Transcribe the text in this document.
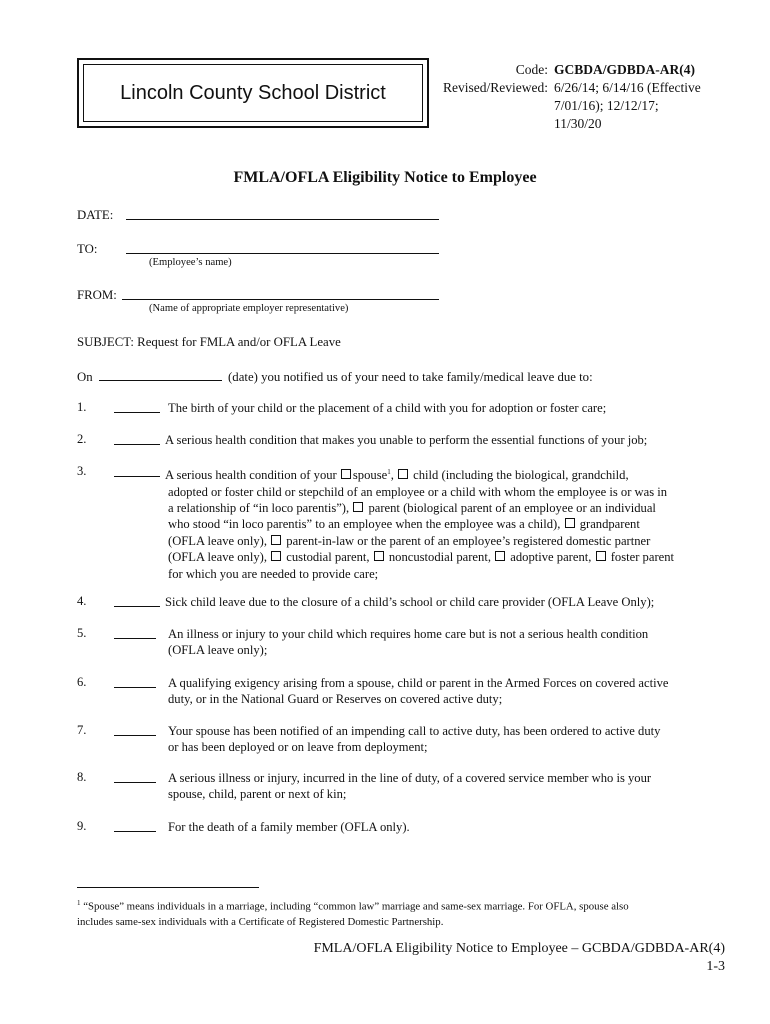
Lincoln County School District
Code: GCBDA/GDBDA-AR(4)
Revised/Reviewed: 6/26/14; 6/14/16 (Effective
7/01/16); 12/12/17;
11/30/20
FMLA/OFLA Eligibility Notice to Employee
DATE:
TO:
(Employee’s name)
FROM:
(Name of appropriate employer representative)
SUBJECT: Request for FMLA and/or OFLA Leave
On	(date) you notified us of your need to take family/medical leave due to:
1.	The birth of your child or the placement of a child with you for adoption or foster care;
2.	A serious health condition that makes you unable to perform the essential functions of your job;
3.	A serious health condition of your spouse$^1$, child (including the biological, grandchild,
adopted or foster child or stepchild of an employee or a child with whom the employee is or was in
a relationship of “in loco parentis”), parent (biological parent of an employee or an individual
who stood “in loco parentis” to an employee when the employee was a child), grandparent
(OFLA leave only), parent-in-law or the parent of an employee’s registered domestic partner
(OFLA leave only), custodial parent, noncustodial parent, adoptive parent, foster parent
for which you are needed to provide care;
4.	Sick child leave due to the closure of a child’s school or child care provider (OFLA Leave Only);
5.	An illness or injury to your child which requires home care but is not a serious health condition
(OFLA leave only);
6.	A qualifying exigency arising from a spouse, child or parent in the Armed Forces on covered active
duty, or in the National Guard or Reserves on covered active duty;
7.	Your spouse has been notified of an impending call to active duty, has been ordered to active duty
or has been deployed or on leave from deployment;
8.	A serious illness or injury, incurred in the line of duty, of a covered service member who is your
spouse, child, parent or next of kin;
9.	For the death of a family member (OFLA only).
$^1$ “Spouse” means individuals in a marriage, including “common law” marriage and same-sex marriage. For OFLA, spouse also
includes same-sex individuals with a Certificate of Registered Domestic Partnership.
FMLA/OFLA Eligibility Notice to Employee – GCBDA/GDBDA-AR(4)
1-3
